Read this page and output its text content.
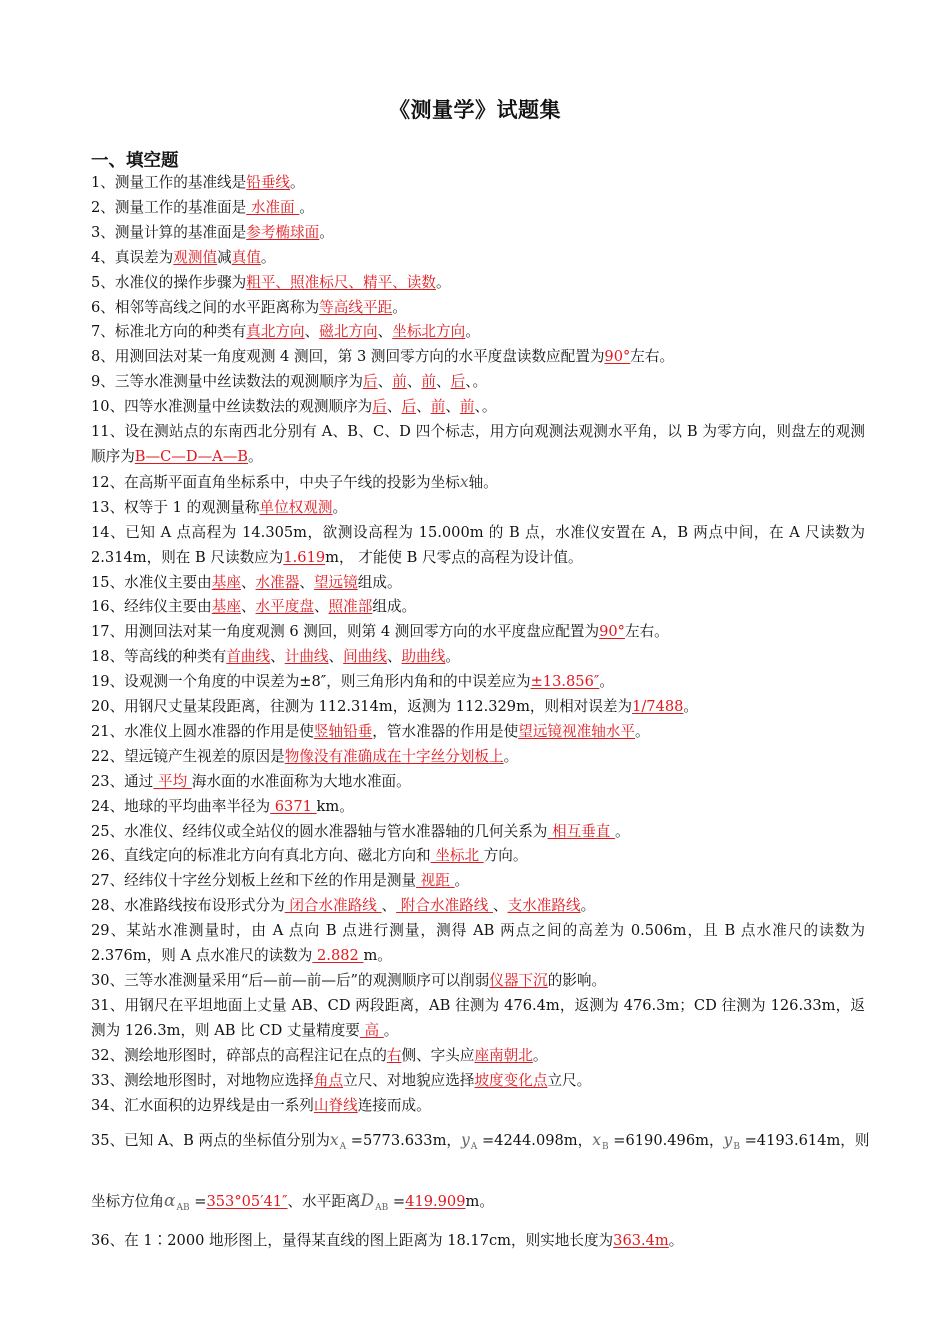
《测量学》试题集
一、填空题

1、测量工作的基准线是铅垂线。

2、测量工作的基准面是 水准面 。

3、测量计算的基准面是参考椭球面。

4、真误差为观测值减真值。

5、水准仪的操作步骤为粗平、照准标尺、精平、读数。

6、相邻等高线之间的水平距离称为等高线平距。

7、标准北方向的种类有真北方向、磁北方向、坐标北方向。

8、用测回法对某一角度观测 4 测回，第 3 测回零方向的水平度盘读数应配置为90°左右。

9、三等水准测量中丝读数法的观测顺序为后、前、前、后、。

10、四等水准测量中丝读数法的观测顺序为后、后、前、前、。

11、设在测站点的东南西北分别有 A、B、C、D 四个标志，用方向观测法观测水平角，以 B 为零方向，则盘左的观测顺序为B—C—D—A—B。

12、在高斯平面直角坐标系中，中央子午线的投影为坐标x轴。

13、权等于 1 的观测量称单位权观测。

14、已知 A 点高程为 14.305m，欲测设高程为 15.000m 的 B 点，水准仪安置在 A，B 两点中间，在 A 尺读数为 2.314m，则在 B 尺读数应为1.619m， 才能使 B 尺零点的高程为设计值。

15、水准仪主要由基座、水准器、望远镜组成。

16、经纬仪主要由基座、水平度盘、照准部组成。

17、用测回法对某一角度观测 6 测回，则第 4 测回零方向的水平度盘应配置为90°左右。

18、等高线的种类有首曲线、计曲线、间曲线、助曲线。

19、设观测一个角度的中误差为±8″，则三角形内角和的中误差应为±13.856″。

20、用钢尺丈量某段距离，往测为 112.314m，返测为 112.329m，则相对误差为1/7488。

21、水准仪上圆水准器的作用是使竖轴铅垂，管水准器的作用是使望远镜视准轴水平。

22、望远镜产生视差的原因是物像没有准确成在十字丝分划板上。

23、通过 平均 海水面的水准面称为大地水准面。

24、地球的平均曲率半径为 6371 km。

25、水准仪、经纬仪或全站仪的圆水准器轴与管水准器轴的几何关系为 相互垂直 。

26、直线定向的标准北方向有真北方向、磁北方向和 坐标北 方向。

27、经纬仪十字丝分划板上丝和下丝的作用是测量 视距 。

28、水准路线按布设形式分为 闭合水准路线 、 附合水准路线 、支水准路线。

29、某站水准测量时，由 A 点向 B 点进行测量，测得 AB 两点之间的高差为 0.506m，且 B 点水准尺的读数为 2.376m，则 A 点水准尺的读数为 2.882 m。

30、三等水准测量采用“后—前—前—后”的观测顺序可以削弱仪器下沉的影响。

31、用钢尺在平坦地面上丈量 AB、CD 两段距离，AB 往测为 476.4m，返测为 476.3m；CD 往测为 126.33m，返测为 126.3m，则 AB 比 CD 丈量精度要 高 。

32、测绘地形图时，碎部点的高程注记在点的右侧、字头应座南朝北。

33、测绘地形图时，对地物应选择角点立尺、对地貌应选择坡度变化点立尺。

34、汇水面积的边界线是由一系列山脊线连接而成。

35、已知 A、B 两点的坐标值分别为$x_A =5773.633m$，$y_A =4244.098m$，$x_B =6190.496m$，$y_B =4193.614m$，则

坐标方位角$\alpha_{AB} =353^\circ 05'41''$、水平距离$D_{AB} =419.909m$。

36、在 1∶2000 地形图上，量得某直线的图上距离为 18.17cm，则实地长度为363.4m。
